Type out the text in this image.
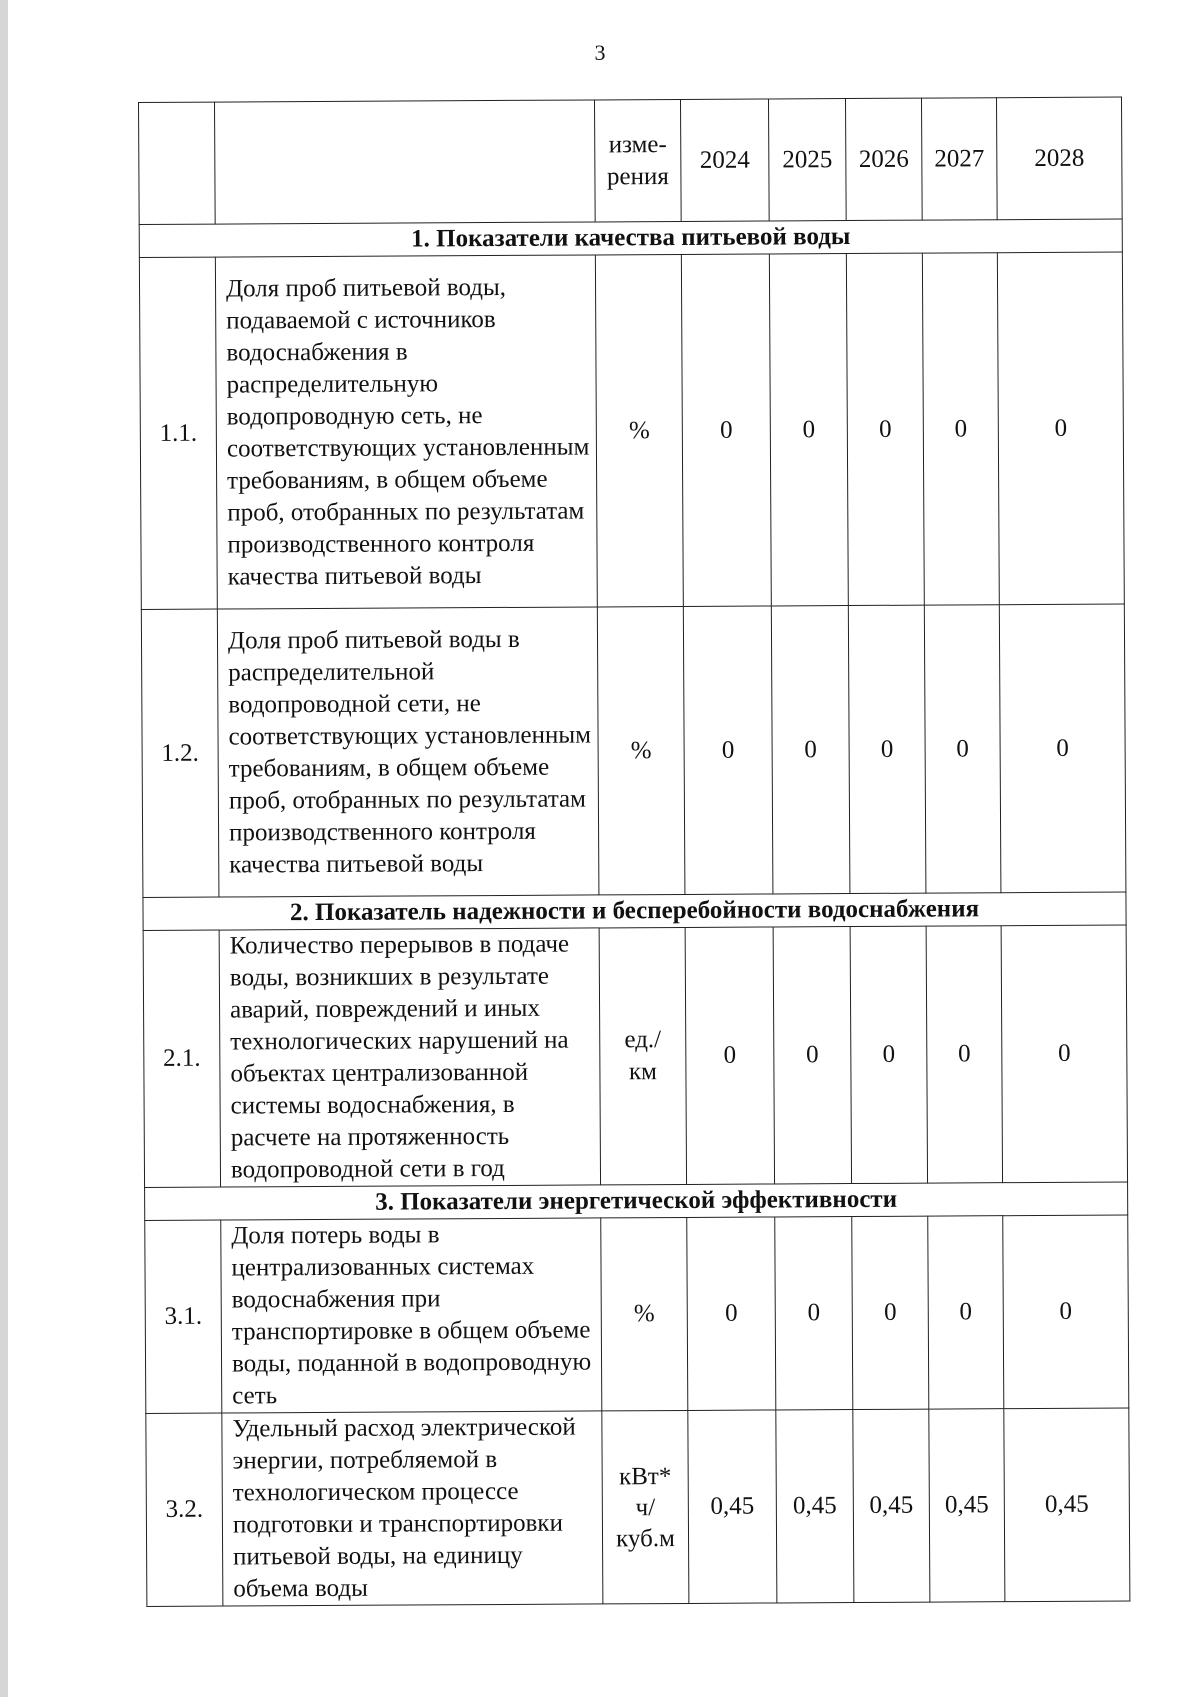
3
		изме-
рения	2024	2025	2026	2027	2028
1. Показатели качества питьевой воды							
1.1.	Доля проб питьевой воды, подаваемой с источников водоснабжения в распределительную водопроводную сеть, не соответствующих установленным требованиям, в общем объеме проб, отобранных по результатам производственного контроля качества питьевой воды	%	0	0	0	0	0
1.2.	Доля проб питьевой воды в распределительной водопроводной сети, не соответствующих установленным требованиям, в общем объеме проб, отобранных по результатам производственного контроля качества питьевой воды	%	0	0	0	0	0
2. Показатель надежности и бесперебойности водоснабжения							
2.1.	Количество перерывов в подаче воды, возникших в результате аварий, повреждений и иных технологических нарушений на объектах централизованной системы водоснабжения, в расчете на протяженность водопроводной сети в год	ед./
км	0	0	0	0	0
3. Показатели энергетической эффективности							
3.1.	Доля потерь воды в централизованных системах водоснабжения при транспортировке в общем объеме воды, поданной в водопроводную сеть	%	0	0	0	0	0
3.2.	Удельный расход электрической энергии, потребляемой в технологическом процессе подготовки и транспортировки питьевой воды, на единицу объема воды	кВт*
ч/
куб.м	0,45	0,45	0,45	0,45	0,45
